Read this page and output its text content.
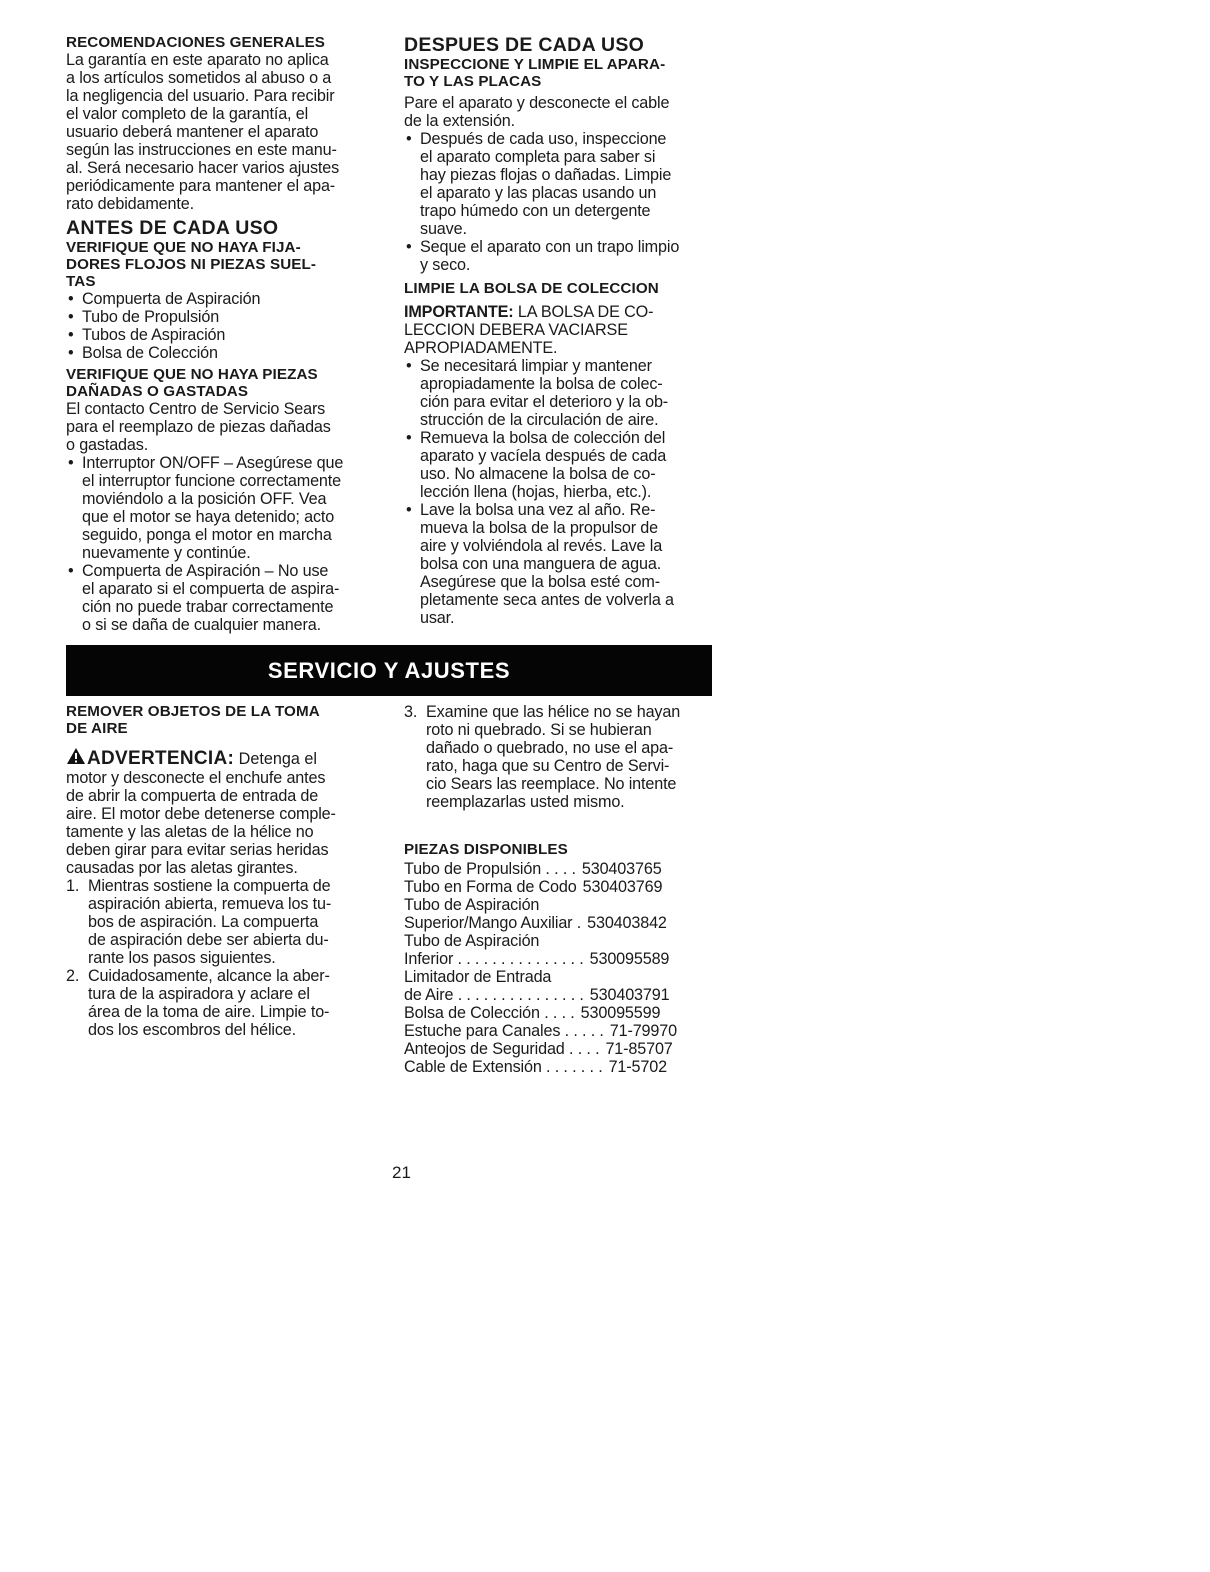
RECOMENDACIONES GENERALES

La garantía en este aparato no aplica

a los artículos sometidos al abuso o a

la negligencia del usuario. Para recibir

el valor completo de la garantía, el

usuario deberá mantener el aparato

según las instrucciones en este manu-

al. Será necesario hacer varios ajustes

periódicamente para mantener el apa-

rato debidamente.

ANTES DE CADA USO
VERIFIQUE QUE NO HAYA FIJA-
DORES FLOJOS NI PIEZAS SUEL-
TAS
• Compuerta de Aspiración
• Tubo de Propulsión
• Tubos de Aspiración
• Bolsa de Colección
VERIFIQUE QUE NO HAYA PIEZAS
DAÑADAS O GASTADAS

El contacto Centro de Servicio Sears

para el reemplazo de piezas dañadas

o gastadas.

• Interruptor ON/OFF – Asegúrese que
el interruptor funcione correctamente
moviéndolo a la posición OFF. Vea
que el motor se haya detenido; acto
seguido, ponga el motor en marcha
nuevamente y continúe.
• Compuerta de Aspiración – No use
el aparato si el compuerta de aspira-
ción no puede trabar correctamente
o si se daña de cualquier manera.
DESPUES DE CADA USO
INSPECCIONE Y LIMPIE EL APARA-
TO Y LAS PLACAS

Pare el aparato y desconecte el cable

de la extensión.

• Después de cada uso, inspeccione
el aparato completa para saber si
hay piezas flojas o dañadas. Limpie
el aparato y las placas usando un
trapo húmedo con un detergente
suave.
• Seque el aparato con un trapo limpio
y seco.
LIMPIE LA BOLSA DE COLECCION

IMPORTANTE: LA BOLSA DE CO-

LECCION DEBERA VACIARSE

APROPIADAMENTE.

• Se necesitará limpiar y mantener
apropiadamente la bolsa de colec-
ción para evitar el deterioro y la ob-
strucción de la circulación de aire.
• Remueva la bolsa de colección del
aparato y vacíela después de cada
uso. No almacene la bolsa de co-
lección llena (hojas, hierba, etc.).
• Lave la bolsa una vez al año. Re-
mueva la bolsa de la propulsor de
aire y volviéndola al revés. Lave la
bolsa con una manguera de agua.
Asegúrese que la bolsa esté com-
pletamente seca antes de volverla a
usar.
SERVICIO Y AJUSTES
REMOVER OBJETOS DE LA TOMA
DE AIRE
ADVERTENCIA: Detenga el

motor y desconecte el enchufe antes

de abrir la compuerta de entrada de

aire. El motor debe detenerse comple-

tamente y las aletas de la hélice no

deben girar para evitar serias heridas

causadas por las aletas girantes.

1. Mientras sostiene la compuerta de
aspiración abierta, remueva los tu-
bos de aspiración. La compuerta
de aspiración debe ser abierta du-
rante los pasos siguientes.
2. Cuidadosamente, alcance la aber-
tura de la aspiradora y aclare el
área de la toma de aire. Limpie to-
dos los escombros del hélice.
3. Examine que las hélice no se hayan
roto ni quebrado. Si se hubieran
dañado o quebrado, no use el apa-
rato, haga que su Centro de Servi-
cio Sears las reemplace. No intente
reemplazarlas usted mismo.
PIEZAS DISPONIBLES
Tubo de Propulsión . . . . 530403765
Tubo en Forma de Codo 530403769
Tubo de Aspiración
Superior/Mango Auxiliar . 530403842
Tubo de Aspiración
Inferior . . . . . . . . . . . . . . . 530095589
Limitador de Entrada
de Aire . . . . . . . . . . . . . . . 530403791
Bolsa de Colección . . . . 530095599
Estuche para Canales . . . . . 71-79970
Anteojos de Seguridad . . . . 71-85707
Cable de Extensión . . . . . . . 71-5702
21
